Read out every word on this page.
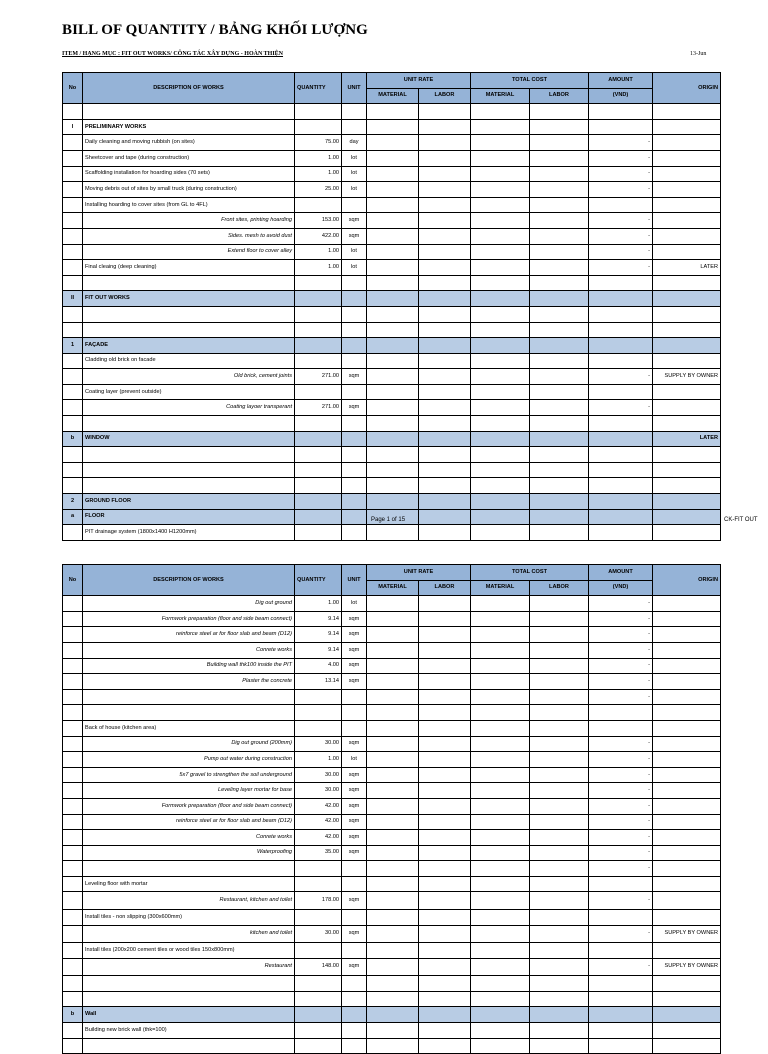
BILL OF QUANTITY / BẢNG KHỐI LƯỢNG
ITEM / HẠNG MỤC : FIT OUT WORKS/ CÔNG TÁC XÂY DỰNG - HOÀN THIỆN	13-Jun
No	DESCRIPTION OF WORKS	QUANTITY	UNIT	UNIT RATE		TOTAL COST		AMOUNT	ORIGIN
				MATERIAL	LABOR	MATERIAL	LABOR	(VND)	

I	PRELIMINARY WORKS								
	Daily cleaning and moving rubbish (on sites)	75.00	day					-	
	Sheetcover and tape (during construction)	1.00	lot					-	
	Scaffolding installation for hoarding sides (70 sets)	1.00	lot					-	
	Moving debris out of sites by small truck (during construction)	25.00	lot					-	
	Installing hoarding to cover sites (from GL to 4FL)								
	Front sites, printing hoarding	153.00	sqm					-	
	Sides. mesh to avoid dust	422.00	sqm					-	
	Extend floor to cover alley	1.00	lot					-	
	Final cleaing (deep cleaning)	1.00	lot					-	LATER

II	FIT OUT WORKS								

1	FAÇADE								
	Cladding old brick on facade								
	Old brick, cement joints	271.00	sqm					-	SUPPLY BY OWNER
	Coating layer (prevent outside)								
	Coating layoer transperant	271.00	sqm					-	

b	WINDOW								LATER

2	GROUND FLOOR								
a	FLOOR								
	PIT drainage system (1800x1400 H1200mm)								
Page 1 of 15	CK-FIT OUT
No	DESCRIPTION OF WORKS	QUANTITY	UNIT	UNIT RATE		TOTAL COST		AMOUNT	ORIGIN
				MATERIAL	LABOR	MATERIAL	LABOR	(VND)	
	Dig out ground	1.00	lot					-	
	Formwork preparation (floor and side beam connect)	9.14	sqm					-	
	reinforce steel ar for floor slab and beam (D12)	9.14	sqm					-	
	Conrete works	9.14	sqm					-	
	Building wall thk100 inside the PIT	4.00	sqm					-	
	Plaster the concrete	13.14	sqm					-	
								-	

	Back of house (kitchen area)								
	Dig out ground (200mm)	30.00	sqm					-	
	Pump out water during construction	1.00	lot					-	
	5x7 gravel to strengthen the soil underground	30.00	sqm					-	
	Leveling layer mortar for base	30.00	sqm					-	
	Formwork preparation (floor and side beam connect)	42.00	sqm					-	
	reinforce steel ar for floor slab and beam (D12)	42.00	sqm					-	
	Conrete works	42.00	sqm					-	
	Waterproofing	35.00	sqm					-	
								-	
	Leveling floor with mortar								
	Restaurant, kitchen and toilet	178.00	sqm					-	
	Install tiles - non slipping (300x600mm)								
	kitchen and toilet	30.00	sqm					-	SUPPLY BY OWNER
	Install tiles (200x200 cement tiles or wood tiles 150x800mm)								
	Restaurant	148.00	sqm					-	SUPPLY BY OWNER

b	Wall								
	Building new brick wall (thk=100)								
